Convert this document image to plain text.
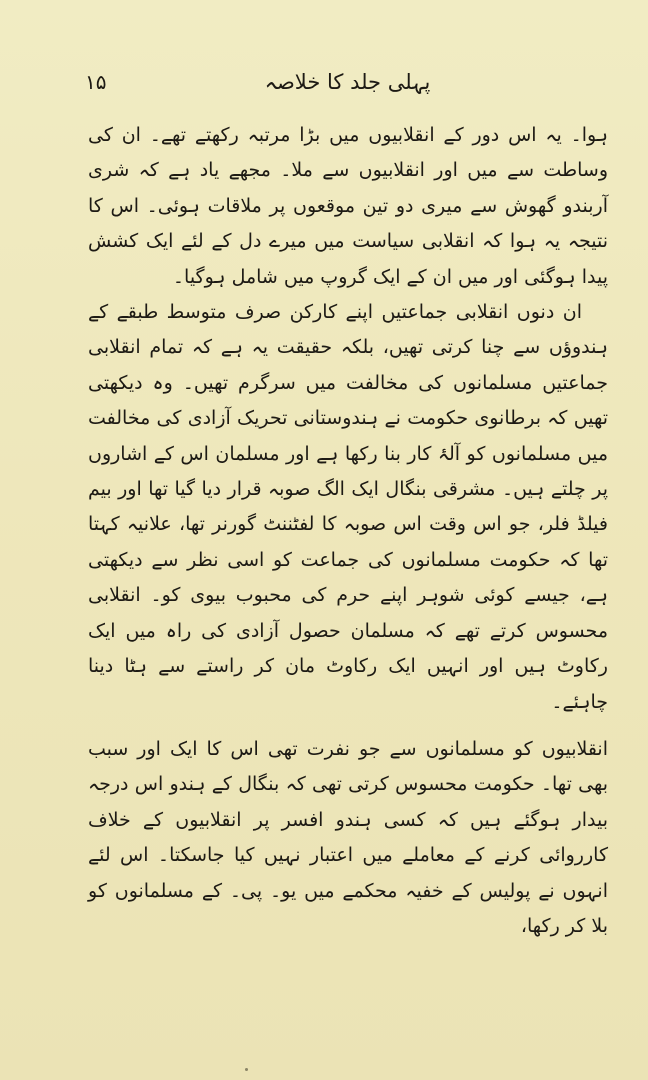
۱۵	پہلی جلد کا خلاصہ

ہوا۔ یہ اس دور کے انقلابیوں میں بڑا مرتبہ رکھتے تھے۔ ان کی وساطت سے میں اور انقلابیوں سے ملا۔ مجھے یاد ہے کہ شری آربندو گھوش سے میری دو تین موقعوں پر ملاقات ہوئی۔ اس کا نتیجہ یہ ہوا کہ انقلابی سیاست میں میرے دل کے لئے ایک کشش پیدا ہوگئی اور میں ان کے ایک گروپ میں شامل ہوگیا۔

ان دنوں انقلابی جماعتیں اپنے کارکن صرف متوسط طبقے کے ہندوؤں سے چنا کرتی تھیں، بلکہ حقیقت یہ ہے کہ تمام انقلابی جماعتیں مسلمانوں کی مخالفت میں سرگرم تھیں۔ وہ دیکھتی تھیں کہ برطانوی حکومت نے ہندوستانی تحریک آزادی کی مخالفت میں مسلمانوں کو آلۂ کار بنا رکھا ہے اور مسلمان اس کے اشاروں پر چلتے ہیں۔ مشرقی بنگال ایک الگ صوبہ قرار دیا گیا تھا اور بیم فیلڈ فلر، جو اس وقت اس صوبہ کا لفٹننٹ گورنر تھا، علانیہ کہتا تھا کہ حکومت مسلمانوں کی جماعت کو اسی نظر سے دیکھتی ہے، جیسے کوئی شوہر اپنے حرم کی محبوب بیوی کو۔ انقلابی محسوس کرتے تھے کہ مسلمان حصول آزادی کی راہ میں ایک رکاوٹ ہیں اور انہیں ایک رکاوٹ مان کر راستے سے ہٹا دینا چاہئے۔

انقلابیوں کو مسلمانوں سے جو نفرت تھی اس کا ایک اور سبب بھی تھا۔ حکومت محسوس کرتی تھی کہ بنگال کے ہندو اس درجہ بیدار ہوگئے ہیں کہ کسی ہندو افسر پر انقلابیوں کے خلاف کارروائی کرنے کے معاملے میں اعتبار نہیں کیا جاسکتا۔ اس لئے انہوں نے پولیس کے خفیہ محکمے میں یو۔ پی۔ کے مسلمانوں کو بلا کر رکھا،
